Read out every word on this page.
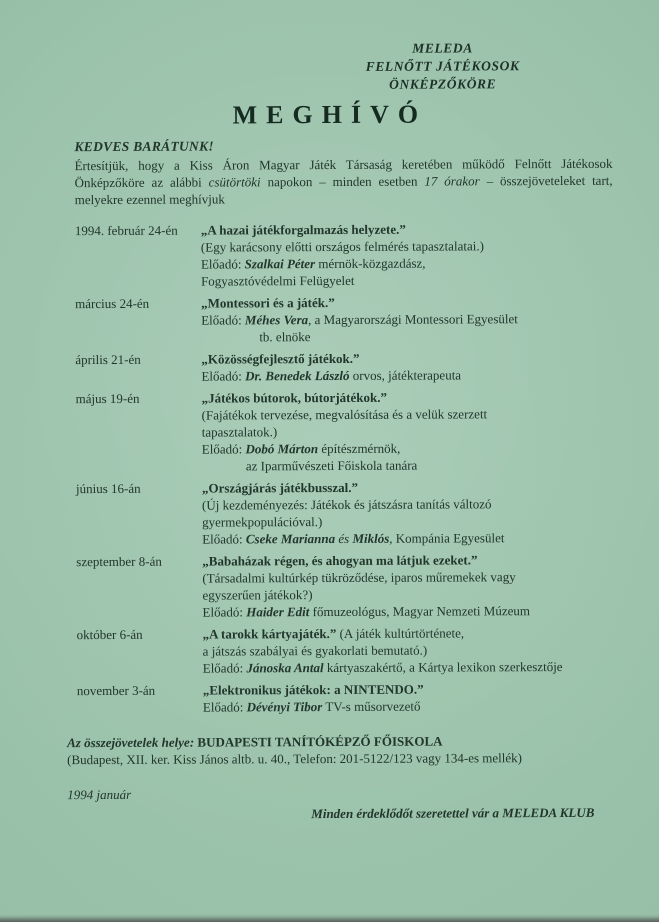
MELEDA
FELNŐTT JÁTÉKOSOK
ÖNKÉPZŐKÖRE
MEGHÍVÓ
KEDVES BARÁTUNK!
Értesítjük, hogy a Kiss Áron Magyar Játék Társaság keretében működő Felnőtt Játékosok Önképzőköre az alábbi csütörtöki napokon – minden esetben 17 órakor – összejöveteleket tart, melyekre ezennel meghívjuk
1994. február 24-én	„A hazai játékforgalmazás helyzete.”
(Egy karácsony előtti országos felmérés tapasztalatai.)
Előadó: Szalkai Péter mérnök-közgazdász,
Fogyasztóvédelmi Felügyelet
március 24-én	„Montessori és a játék.”
Előadó: Méhes Vera, a Magyarországi Montessori Egyesület
tb. elnöke
április 21-én	„Közösségfejlesztő játékok.”
Előadó: Dr. Benedek László orvos, játékterapeuta
május 19-én	„Játékos bútorok, bútorjátékok.”
(Fajátékok tervezése, megvalósítása és a velük szerzett
tapasztalatok.)
Előadó: Dobó Márton építészmérnök,
az Iparművészeti Főiskola tanára
június 16-án	„Országjárás játékbusszal.”
(Új kezdeményezés: Játékok és játszásra tanítás változó
gyermekpopulációval.)
Előadó: Cseke Marianna és Miklós, Kompánia Egyesület
szeptember 8-án	„Babaházak régen, és ahogyan ma látjuk ezeket.”
(Társadalmi kultúrkép tükröződése, iparos műremekek vagy
egyszerűen játékok?)
Előadó: Haider Edit főmuzeológus, Magyar Nemzeti Múzeum
október 6-án	„A tarokk kártyajáték.” (A játék kultúrtörténete,
a játszás szabályai és gyakorlati bemutató.)
Előadó: Jánoska Antal kártyaszakértő, a Kártya lexikon szerkesztője
november 3-án	„Elektronikus játékok: a NINTENDO.”
Előadó: Dévényi Tibor TV-s műsorvezető
Az összejövetelek helye: BUDAPESTI TANÍTÓKÉPZŐ FŐISKOLA
(Budapest, XII. ker. Kiss János altb. u. 40., Telefon: 201-5122/123 vagy 134-es mellék)
1994 január
Minden érdeklődőt szeretettel vár a MELEDA KLUB
